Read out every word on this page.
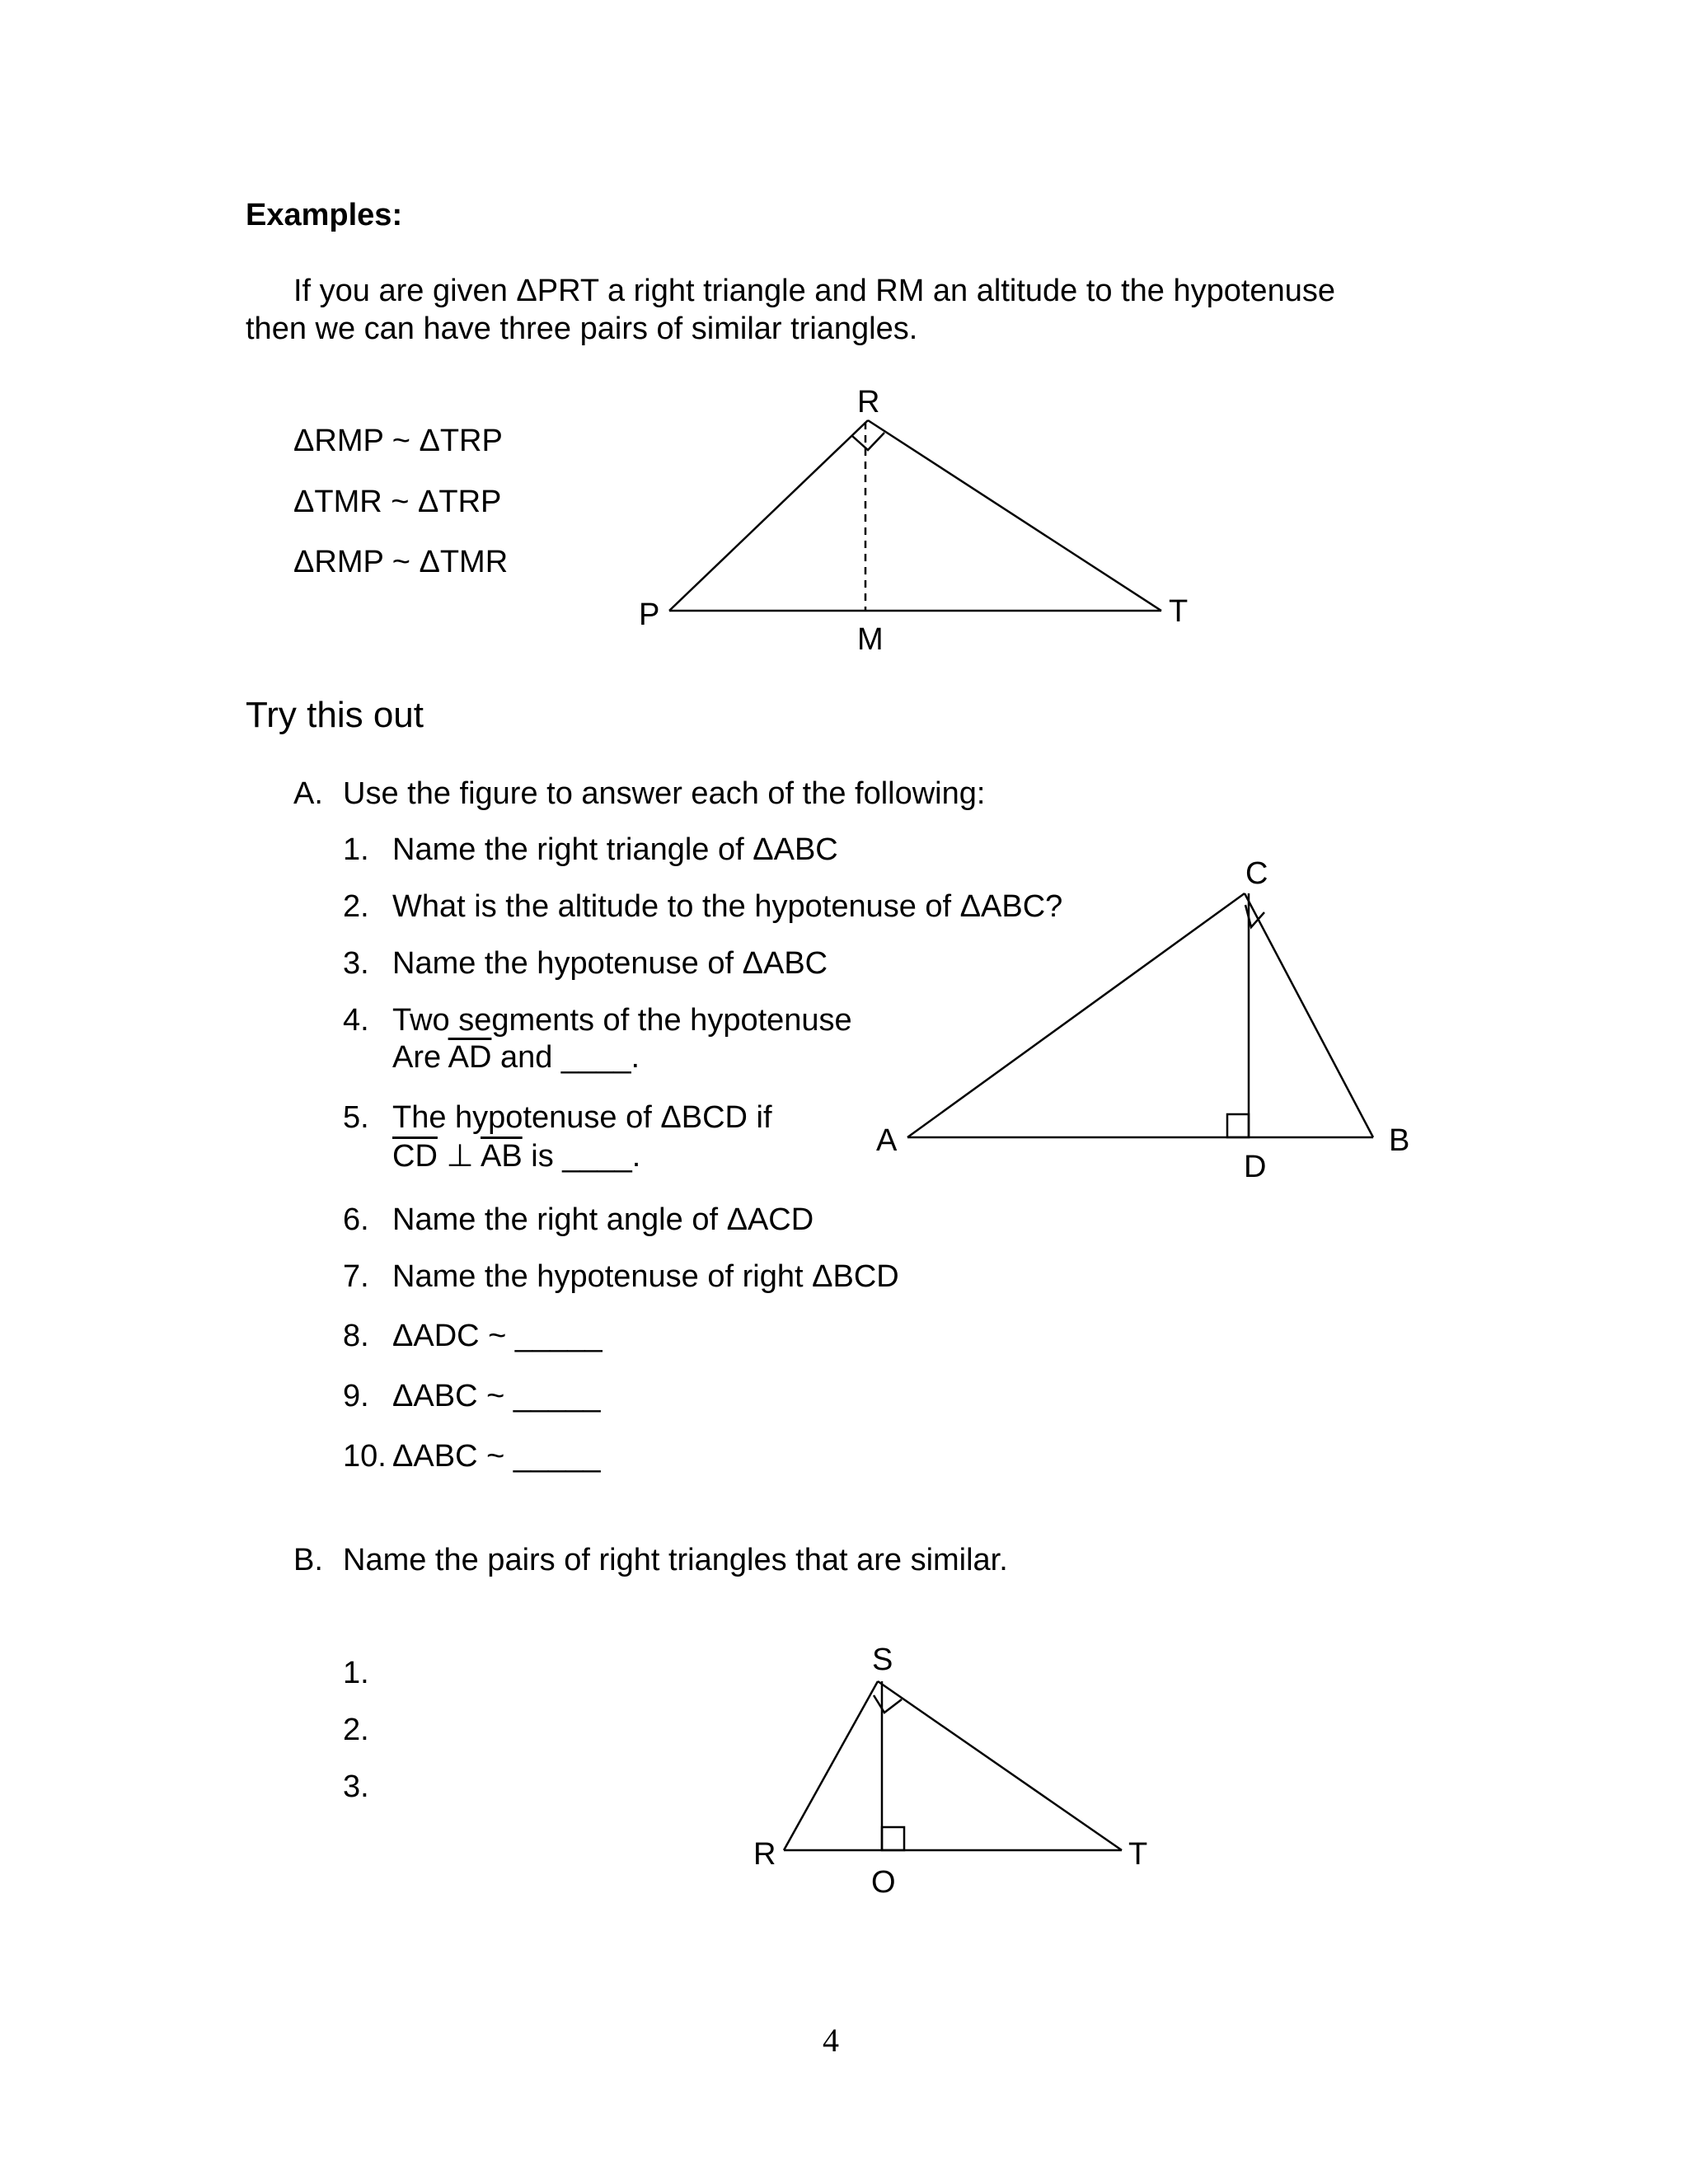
Examples:
If you are given ΔPRT a right triangle and RM an altitude to the hypotenuse
then we can have three pairs of similar triangles.
ΔRMP ~ ΔTRP
ΔTMR ~ ΔTRP
ΔRMP ~ ΔTMR
R
P	T
M
Try this out
A. Use the figure to answer each of the following:
1. Name the right triangle of ΔABC
2. What is the altitude to the hypotenuse of ΔABC?
3. Name the hypotenuse of ΔABC
4. Two segments of the hypotenuse
Are $\overline{AD}$ and ____.
5. The hypotenuse of ΔBCD if
$\overline{CD}$ ⊥ $\overline{AB}$ is ____.
6. Name the right angle of ΔACD
7. Name the hypotenuse of right ΔBCD
8. ΔADC ~ _____
9. ΔABC ~ _____
10. ΔABC ~ _____
C
A	B
D
B. Name the pairs of right triangles that are similar.
1.
2.
3.
S
R	T
O
4
